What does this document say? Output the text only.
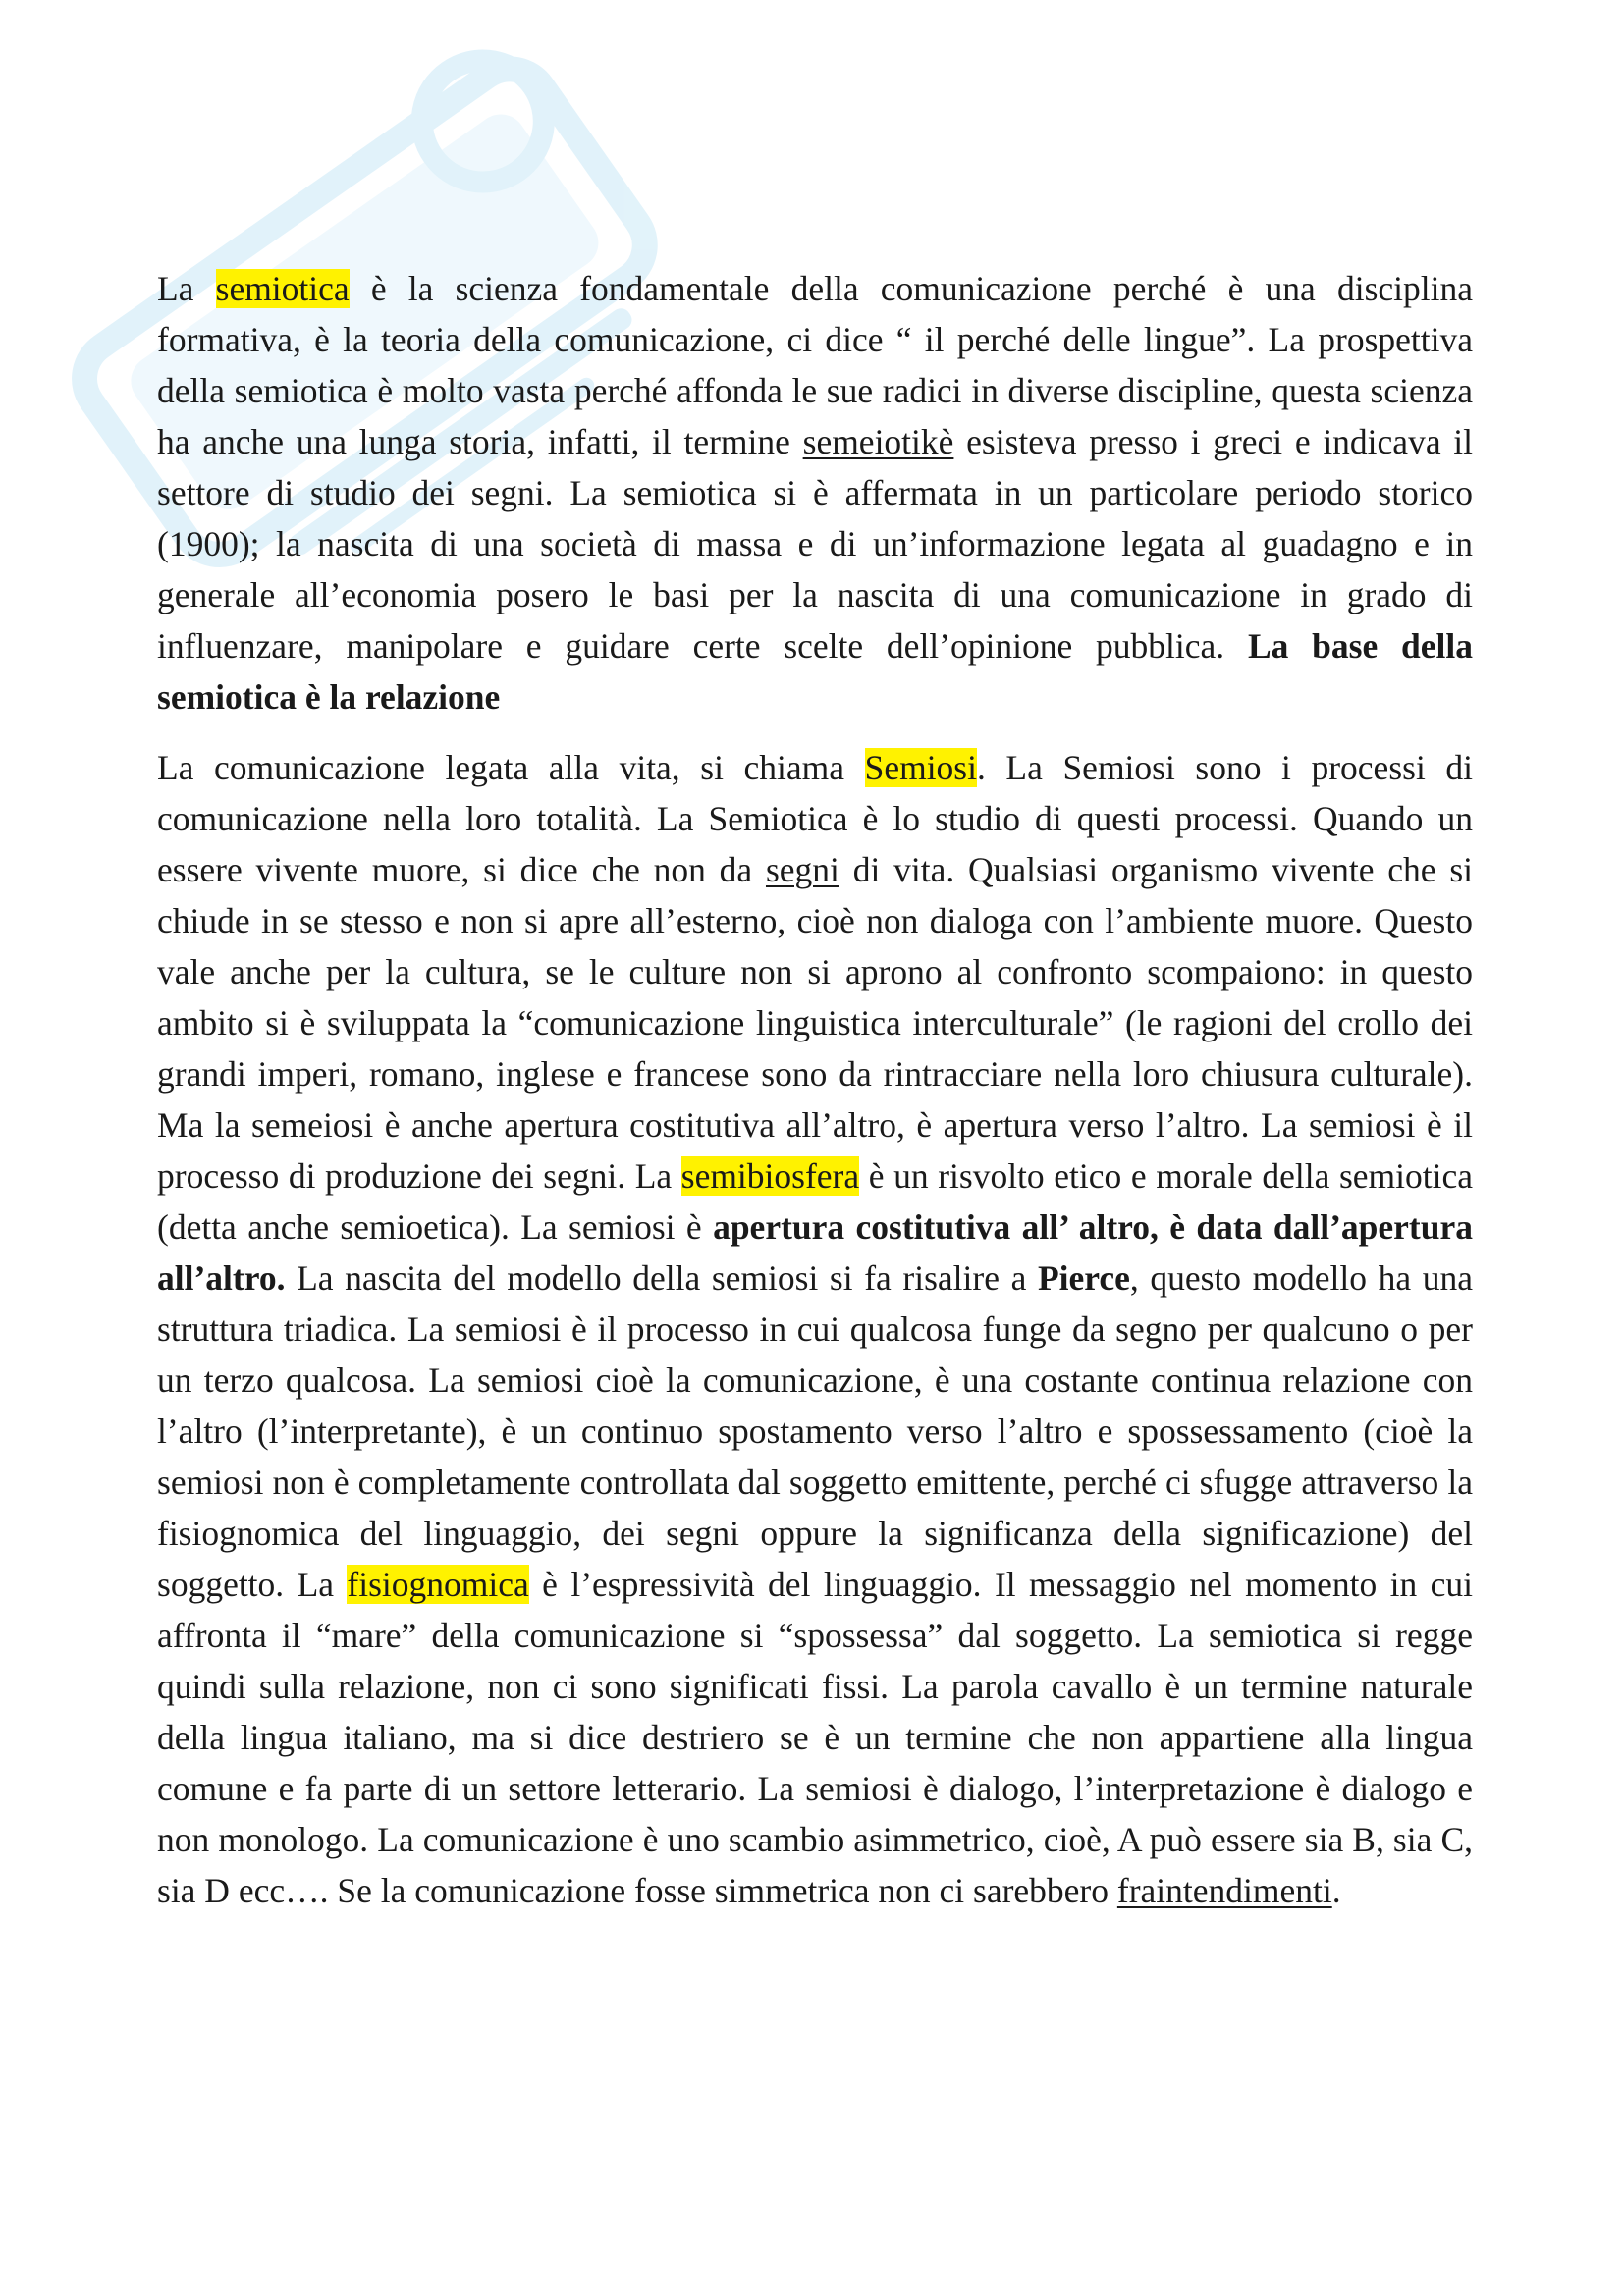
La semiotica è la scienza fondamentale della comunicazione perché è una disciplina formativa, è la teoria della comunicazione, ci dice “ il perché delle lingue”. La prospettiva della semiotica è molto vasta perché affonda le sue radici in diverse discipline, questa scienza ha anche una lunga storia, infatti, il termine semeiotikè esisteva presso i greci e indicava il settore di studio dei segni. La semiotica si è affermata in un particolare periodo storico (1900); la nascita di una società di massa e di un’informazione legata al guadagno e in generale all’economia posero le basi per la nascita di una comunicazione in grado di influenzare, manipolare e guidare certe scelte dell’opinione pubblica. La base della semiotica è la relazione

La comunicazione legata alla vita, si chiama Semiosi. La Semiosi sono i processi di comunicazione nella loro totalità. La Semiotica è lo studio di questi processi. Quando un essere vivente muore, si dice che non da segni di vita. Qualsiasi organismo vivente che si chiude in se stesso e non si apre all’esterno, cioè non dialoga con l’ambiente muore. Questo vale anche per la cultura, se le culture non si aprono al confronto scompaiono: in questo ambito si è sviluppata la “comunicazione linguistica interculturale” (le ragioni del crollo dei grandi imperi, romano, inglese e francese sono da rintracciare nella loro chiusura culturale). Ma la semeiosi è anche apertura costitutiva all’altro, è apertura verso l’altro. La semiosi è il processo di produzione dei segni. La semibiosfera è un risvolto etico e morale della semiotica (detta anche semioetica). La semiosi è apertura costitutiva all’ altro, è data dall’apertura all’altro. La nascita del modello della semiosi si fa risalire a Pierce, questo modello ha una struttura triadica. La semiosi è il processo in cui qualcosa funge da segno per qualcuno o per un terzo qualcosa. La semiosi cioè la comunicazione, è una costante continua relazione con l’altro (l’interpretante), è un continuo spostamento verso l’altro e spossessamento (cioè la semiosi non è completamente controllata dal soggetto emittente, perché ci sfugge attraverso la fisiognomica del linguaggio, dei segni oppure la significanza della significazione) del soggetto. La fisiognomica è l’espressività del linguaggio. Il messaggio nel momento in cui affronta il “mare” della comunicazione si “spossessa” dal soggetto. La semiotica si regge quindi sulla relazione, non ci sono significati fissi. La parola cavallo è un termine naturale della lingua italiano, ma si dice destriero se è un termine che non appartiene alla lingua comune e fa parte di un settore letterario. La semiosi è dialogo, l’interpretazione è dialogo e non monologo. La comunicazione è uno scambio asimmetrico, cioè, A può essere sia B, sia C, sia D ecc…. Se la comunicazione fosse simmetrica non ci sarebbero fraintendimenti.
